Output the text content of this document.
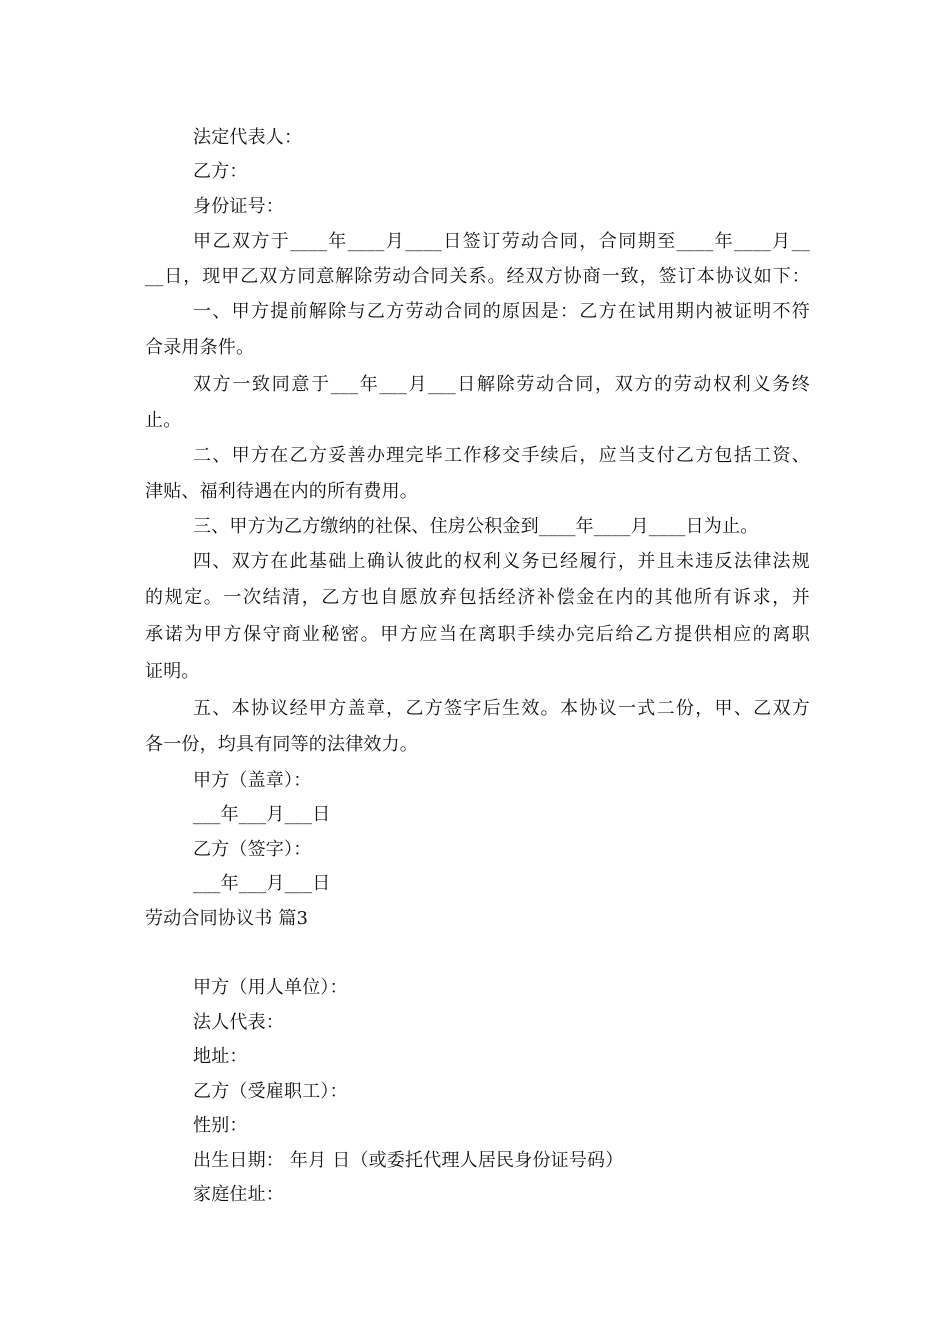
法定代表人：
乙方：
身份证号：
甲乙双方于____年____月____日签订劳动合同，合同期至____年____月__
__日，现甲乙双方同意解除劳动合同关系。经双方协商一致，签订本协议如下：
一、甲方提前解除与乙方劳动合同的原因是：乙方在试用期内被证明不符
合录用条件。
双方一致同意于___年___月___日解除劳动合同，双方的劳动权利义务终
止。
二、甲方在乙方妥善办理完毕工作移交手续后，应当支付乙方包括工资、
津贴、福利待遇在内的所有费用。
三、甲方为乙方缴纳的社保、住房公积金到____年____月____日为止。
四、双方在此基础上确认彼此的权利义务已经履行，并且未违反法律法规
的规定。一次结清，乙方也自愿放弃包括经济补偿金在内的其他所有诉求，并
承诺为甲方保守商业秘密。甲方应当在离职手续办完后给乙方提供相应的离职
证明。
五、本协议经甲方盖章，乙方签字后生效。本协议一式二份，甲、乙双方
各一份，均具有同等的法律效力。
甲方（盖章）：
___年___月___日
乙方（签字）：
___年___月___日
劳动合同协议书 篇3
甲方（用人单位）：
法人代表：
地址：
乙方（受雇职工）：
性别：
出生日期： 年月 日（或委托代理人居民身份证号码）
家庭住址：
